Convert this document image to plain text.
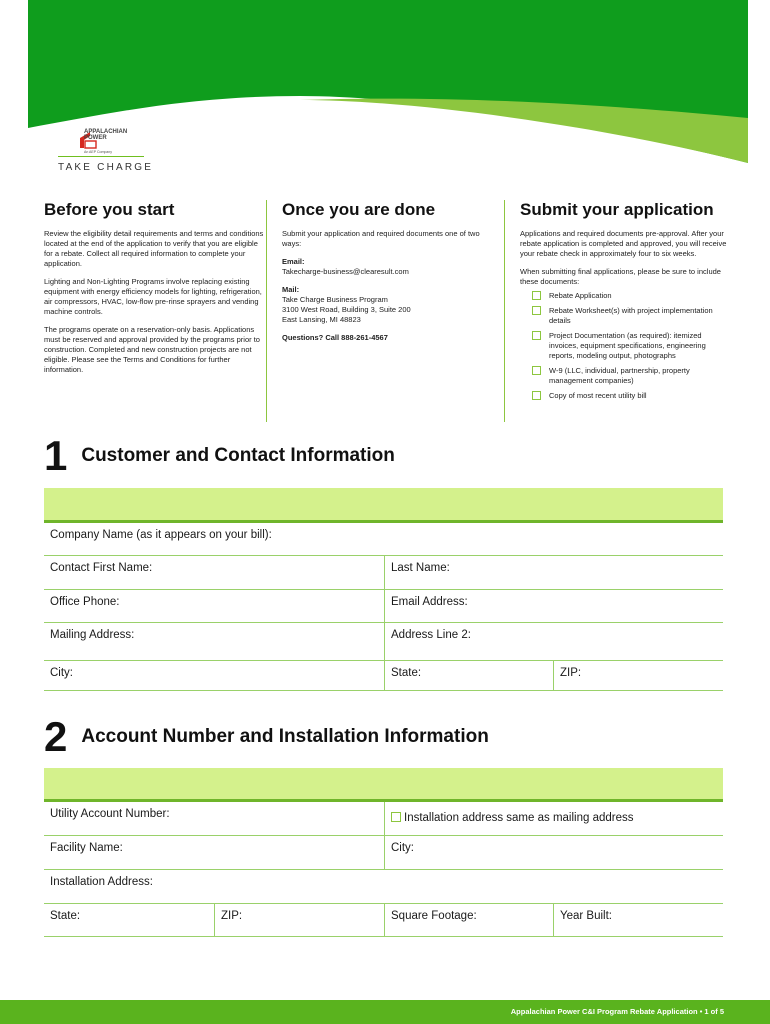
APPALACHIAN POWER
An AEP Company
TAKE CHARGE
Before you start

Review the eligibility detail requirements and terms and conditions located at the end of the application to verify that you are eligible for a rebate. Collect all required information to complete your application.

Lighting and Non-Lighting Programs involve replacing existing equipment with energy efficiency models for lighting, refrigeration, air compressors, HVAC, low-flow pre-rinse sprayers and vending machine controls.

The programs operate on a reservation-only basis. Applications must be reserved and approval provided by the programs prior to construction. Completed and new construction projects are not eligible. Please see the Terms and Conditions for further information.

Once you are done

Submit your application and required documents one of two ways:

Email:
Takecharge-business@clearesult.com

Mail:
Take Charge Business Program
3100 West Road, Building 3, Suite 200
East Lansing, MI 48823

Questions? Call 888-261-4567

Submit your application

Applications and required documents pre-approval. After your rebate application is completed and approved, you will receive your rebate check in approximately four to six weeks.

When submitting final applications, please be sure to include these documents:

Rebate Application
Rebate Worksheet(s) with project implementation details
Project Documentation (as required): itemized invoices, equipment specifications, engineering reports, modeling output, photographs
W-9 (LLC, individual, partnership, property management companies)
Copy of most recent utility bill
1 Customer and Contact Information
Company Name (as it appears on your bill):
Contact First Name:	Last Name:
Office Phone:	Email Address:
Mailing Address:	Address Line 2:
City:	State:	ZIP:
2 Account Number and Installation Information
Utility Account Number:	Installation address same as mailing address
Facility Name:	City:
Installation Address:
State:	ZIP:	Square Footage:	Year Built:
Appalachian Power C&I Program Rebate Application • 1 of 5
